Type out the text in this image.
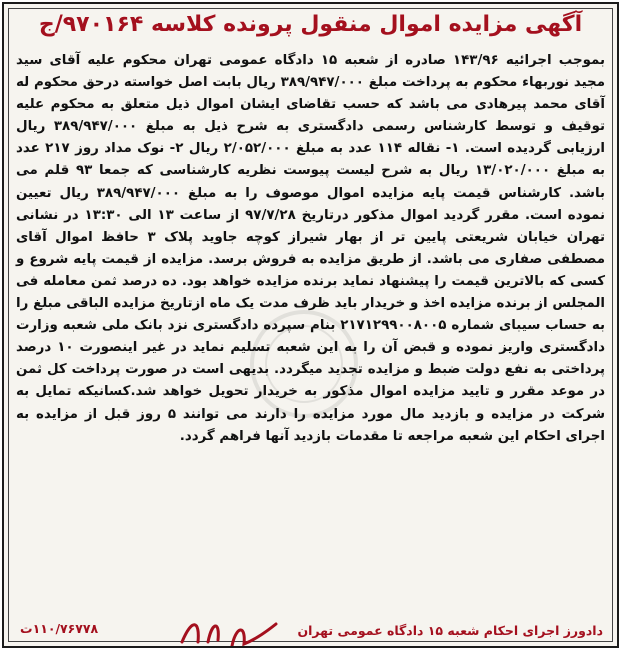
آگهی مزایده اموال منقول پرونده کلاسه ۹۷۰۱۶۴/ج
بموجب اجرائیه ۱۴۳/۹۶ صادره از شعبه ۱۵ دادگاه عمومی تهران محکوم علیه آقای سید مجید نوربهاء محکوم به پرداخت مبلغ ۳۸۹/۹۴۷/۰۰۰ ریال بابت اصل خواسته درحق محکوم له آقای محمد پیرهادی می باشد که حسب تقاضای ایشان اموال ذیل متعلق به محکوم علیه توقیف و توسط کارشناس رسمی دادگستری به شرح ذیل به مبلغ ۳۸۹/۹۴۷/۰۰۰ ریال ارزیابی گردیده است. ۱- نقاله ۱۱۴ عدد به مبلغ ۲/۰۵۲/۰۰۰ ریال ۲- نوک مداد روز ۲۱۷ عدد به مبلغ ۱۳/۰۲۰/۰۰۰ ریال به شرح لیست پیوست نظریه کارشناسی که جمعا ۹۳ قلم می باشد. کارشناس قیمت پایه مزایده اموال موصوف را به مبلغ ۳۸۹/۹۴۷/۰۰۰ ریال تعیین نموده است. مقرر گردید اموال مذکور درتاریخ ۹۷/۷/۲۸ از ساعت ۱۳ الی ۱۳:۳۰ در نشانی تهران خیابان شریعتی پایین تر از بهار شیراز کوچه جاوید پلاک ۳ حافظ اموال آقای مصطفی صفاری می باشد. از طریق مزایده به فروش برسد. مزایده از قیمت پایه شروع و کسی که بالاترین قیمت را پیشنهاد نماید برنده مزایده خواهد بود. ده درصد ثمن معامله فی المجلس از برنده مزایده اخذ و خریدار باید ظرف مدت یک ماه ازتاریخ مزایده الباقی مبلغ را به حساب سیبای شماره ۲۱۷۱۲۹۹۰۰۸۰۰۵ بنام سپرده دادگستری نزد بانک ملی شعبه وزارت دادگستری واریز نموده و قبض آن را به این شعبه تسلیم نماید در غیر اینصورت ۱۰ درصد پرداختی به نفع دولت ضبط و مزایده تجدید میگردد. بدیهی است در صورت پرداخت کل ثمن در موعد مقرر و تایید مزایده اموال مذکور به خریدار تحویل خواهد شد.کسانیکه تمایل به شرکت در مزایده و بازدید مال مورد مزایده را دارند می توانند ۵ روز قبل از مزایده به اجرای احکام این شعبه مراجعه تا مقدمات بازدید آنها فراهم گردد.
۱۱۰/۷۶۷۷۸ت	دادورز اجرای احکام شعبه ۱۵ دادگاه عمومی تهران
